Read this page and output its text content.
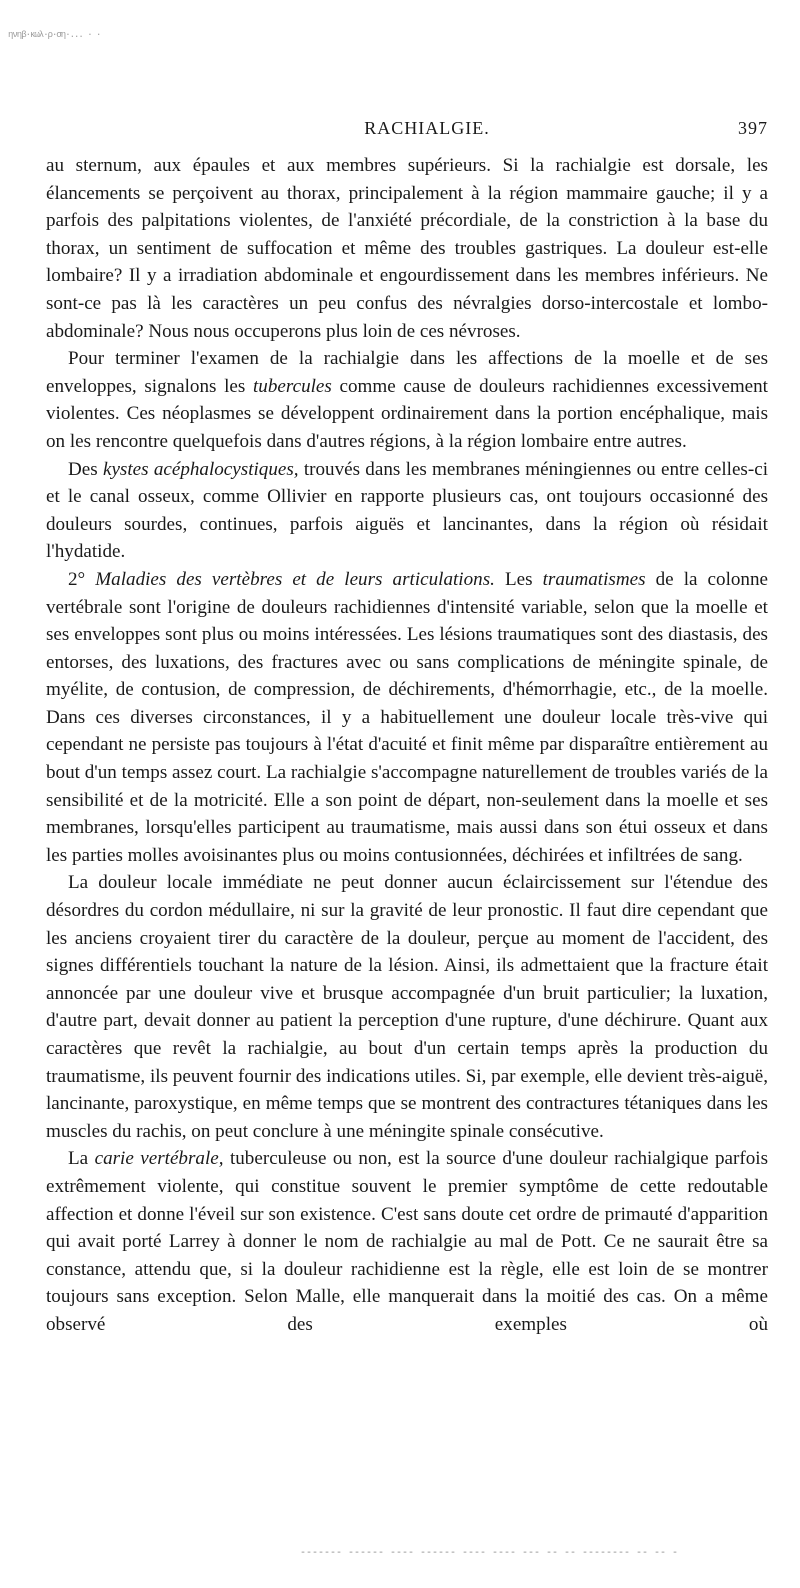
ηνηβ·κωλ·ρ·ση·... · ·
RACHIALGIE.	397

au sternum, aux épaules et aux membres supérieurs. Si la rachialgie est dorsale, les élancements se perçoivent au thorax, principalement à la région mammaire gauche; il y a parfois des palpitations violentes, de l'anxiété précordiale, de la constriction à la base du thorax, un sentiment de suffocation et même des troubles gastriques. La douleur est-elle lombaire? Il y a irradiation abdominale et engourdissement dans les membres inférieurs. Ne sont-ce pas là les caractères un peu confus des névralgies dorso-intercostale et lombo-abdominale? Nous nous occuperons plus loin de ces névroses.

Pour terminer l'examen de la rachialgie dans les affections de la moelle et de ses enveloppes, signalons les tubercules comme cause de douleurs rachidiennes excessivement violentes. Ces néoplasmes se développent ordinairement dans la portion encéphalique, mais on les rencontre quelquefois dans d'autres régions, à la région lombaire entre autres.

Des kystes acéphalocystiques, trouvés dans les membranes méningiennes ou entre celles-ci et le canal osseux, comme Ollivier en rapporte plusieurs cas, ont toujours occasionné des douleurs sourdes, continues, parfois aiguës et lancinantes, dans la région où résidait l'hydatide.

2° Maladies des vertèbres et de leurs articulations. Les traumatismes de la colonne vertébrale sont l'origine de douleurs rachidiennes d'intensité variable, selon que la moelle et ses enveloppes sont plus ou moins intéressées. Les lésions traumatiques sont des diastasis, des entorses, des luxations, des fractures avec ou sans complications de méningite spinale, de myélite, de contusion, de compression, de déchirements, d'hémorrhagie, etc., de la moelle. Dans ces diverses circonstances, il y a habituellement une douleur locale très-vive qui cependant ne persiste pas toujours à l'état d'acuité et finit même par disparaître entièrement au bout d'un temps assez court. La rachialgie s'accompagne naturellement de troubles variés de la sensibilité et de la motricité. Elle a son point de départ, non-seulement dans la moelle et ses membranes, lorsqu'elles participent au traumatisme, mais aussi dans son étui osseux et dans les parties molles avoisinantes plus ou moins contusionnées, déchirées et infiltrées de sang.

La douleur locale immédiate ne peut donner aucun éclaircissement sur l'étendue des désordres du cordon médullaire, ni sur la gravité de leur pronostic. Il faut dire cependant que les anciens croyaient tirer du caractère de la douleur, perçue au moment de l'accident, des signes différentiels touchant la nature de la lésion. Ainsi, ils admettaient que la fracture était annoncée par une douleur vive et brusque accompagnée d'un bruit particulier; la luxation, d'autre part, devait donner au patient la perception d'une rupture, d'une déchirure. Quant aux caractères que revêt la rachialgie, au bout d'un certain temps après la production du traumatisme, ils peuvent fournir des indications utiles. Si, par exemple, elle devient très-aiguë, lancinante, paroxystique, en même temps que se montrent des contractures tétaniques dans les muscles du rachis, on peut conclure à une méningite spinale consécutive.

La carie vertébrale, tuberculeuse ou non, est la source d'une douleur rachialgique parfois extrêmement violente, qui constitue souvent le premier symptôme de cette redoutable affection et donne l'éveil sur son existence. C'est sans doute cet ordre de primauté d'apparition qui avait porté Larrey à donner le nom de rachialgie au mal de Pott. Ce ne saurait être sa constance, attendu que, si la douleur rachidienne est la règle, elle est loin de se montrer toujours sans exception. Selon Malle, elle manquerait dans la moitié des cas. On a même observé des exemples où

------- ------ ---- ------ ---- ---- --- -- -- -------- -- -- -
